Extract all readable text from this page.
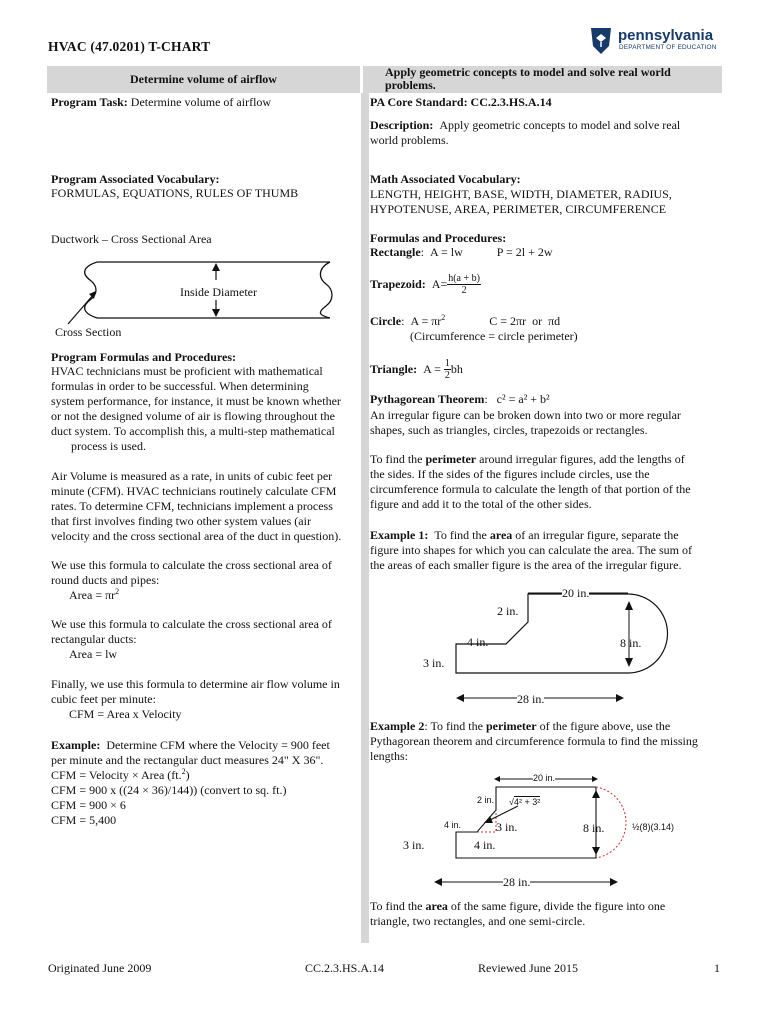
HVAC (47.0201) T-CHART
pennsylvania
DEPARTMENT OF EDUCATION
Determine volume of airflow	Apply geometric concepts to model and solve real world problems.
Program Task: Determine volume of airflow
Program Associated Vocabulary:
FORMULAS, EQUATIONS, RULES OF THUMB
Ductwork – Cross Sectional Area
Inside Diameter
Cross Section
Program Formulas and Procedures:
HVAC technicians must be proficient with mathematical
formulas in order to be successful. When determining
system performance, for instance, it must be known whether
or not the designed volume of air is flowing throughout the
duct system. To accomplish this, a multi-step mathematical
process is used.
Air Volume is measured as a rate, in units of cubic feet per
minute (CFM). HVAC technicians routinely calculate CFM
rates. To determine CFM, technicians implement a process
that first involves finding two other system values (air
velocity and the cross sectional area of the duct in question).
We use this formula to calculate the cross sectional area of
round ducts and pipes:
Area = $\pi r^2$
We use this formula to calculate the cross sectional area of
rectangular ducts:
Area = lw
Finally, we use this formula to determine air flow volume in
cubic feet per minute:
CFM = Area x Velocity
Example: Determine CFM where the Velocity = 900 feet
per minute and the rectangular duct measures 24" X 36".
CFM = Velocity × Area (ft.$^2$)
CFM = 900 x ((24 × 36)/144)) (convert to sq. ft.)
CFM = 900 × 6
CFM = 5,400
PA Core Standard: CC.2.3.HS.A.14
Description: Apply geometric concepts to model and solve real
world problems.
Math Associated Vocabulary:
LENGTH, HEIGHT, BASE, WIDTH, DIAMETER, RADIUS,
HYPOTENUSE, AREA, PERIMETER, CIRCUMFERENCE
Formulas and Procedures:
Rectangle:  A = lw	P = 2l + 2w
Trapezoid: $A= \frac{h(a + b)}{2}$
Circle:  $A = \pi r^2$	C = 2πr  or  πd
(Circumference = circle perimeter)
Triangle: $A = \frac{1}{2}$ bh
Pythagorean Theorem:   c² = a² + b²
An irregular figure can be broken down into two or more regular
shapes, such as triangles, circles, trapezoids or rectangles.
To find the perimeter around irregular figures, add the lengths of
the sides. If the sides of the figures include circles, use the
circumference formula to calculate the length of that portion of the
figure and add it to the total of the other sides.
Example 1: To find the area of an irregular figure, separate the
figure into shapes for which you can calculate the area. The sum of
the areas of each smaller figure is the area of the irregular figure.
20 in.
2 in.
4 in.
3 in.
8 in.
28 in.
Example 2: To find the perimeter of the figure above, use the
Pythagorean theorem and circumference formula to find the missing
lengths:
20 in.
2 in. √4² + 3²
4 in.	3 in.
3 in.	4 in.
8 in.	½(8)(3.14)
28 in.
To find the area of the same figure, divide the figure into one
triangle, two rectangles, and one semi-circle.
Originated June 2009	CC.2.3.HS.A.14	Reviewed June 2015	1
